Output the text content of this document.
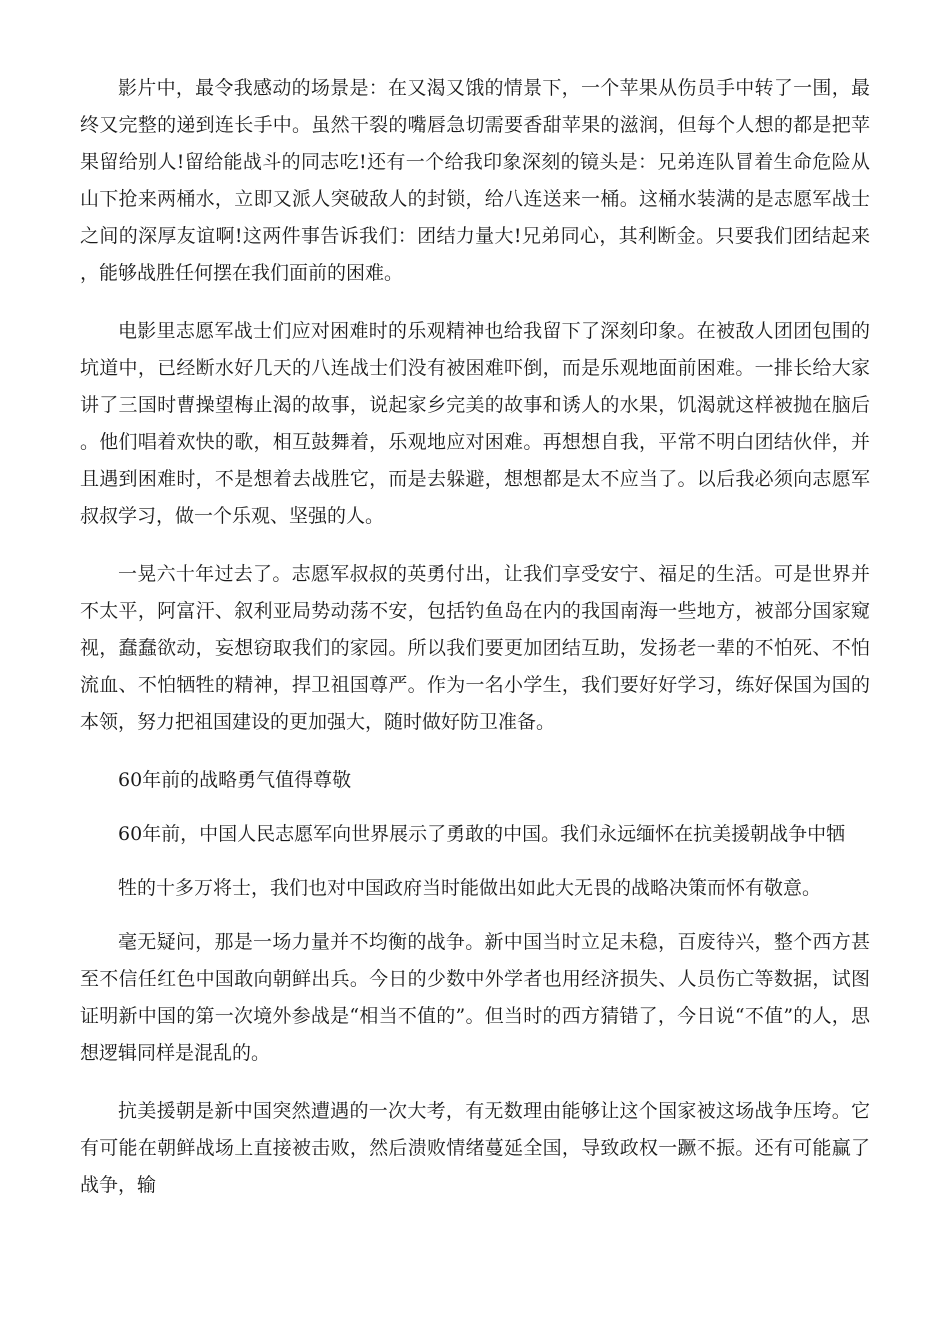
影片中，最令我感动的场景是：在又渴又饿的情景下，一个苹果从伤员手中转了一围，最终又完整的递到连长手中。虽然干裂的嘴唇急切需要香甜苹果的滋润，但每个人想的都是把苹果留给别人!留给能战斗的同志吃!还有一个给我印象深刻的镜头是：兄弟连队冒着生命危险从山下抢来两桶水，立即又派人突破敌人的封锁，给八连送来一桶。这桶水装满的是志愿军战士之间的深厚友谊啊!这两件事告诉我们：团结力量大!兄弟同心，其利断金。只要我们团结起来，能够战胜任何摆在我们面前的困难。

电影里志愿军战士们应对困难时的乐观精神也给我留下了深刻印象。在被敌人团团包围的坑道中，已经断水好几天的八连战士们没有被困难吓倒，而是乐观地面前困难。一排长给大家讲了三国时曹操望梅止渴的故事，说起家乡完美的故事和诱人的水果，饥渴就这样被抛在脑后。他们唱着欢快的歌，相互鼓舞着，乐观地应对困难。再想想自我，平常不明白团结伙伴，并且遇到困难时，不是想着去战胜它，而是去躲避，想想都是太不应当了。以后我必须向志愿军叔叔学习，做一个乐观、坚强的人。

一晃六十年过去了。志愿军叔叔的英勇付出，让我们享受安宁、福足的生活。可是世界并不太平，阿富汗、叙利亚局势动荡不安，包括钓鱼岛在内的我国南海一些地方，被部分国家窥视，蠢蠢欲动，妄想窃取我们的家园。所以我们要更加团结互助，发扬老一辈的不怕死、不怕流血、不怕牺牲的精神，捍卫祖国尊严。作为一名小学生，我们要好好学习，练好保国为国的本领，努力把祖国建设的更加强大，随时做好防卫准备。

60年前的战略勇气值得尊敬

60年前，中国人民志愿军向世界展示了勇敢的中国。我们永远缅怀在抗美援朝战争中牺

牲的十多万将士，我们也对中国政府当时能做出如此大无畏的战略决策而怀有敬意。

毫无疑问，那是一场力量并不均衡的战争。新中国当时立足未稳，百废待兴，整个西方甚至不信任红色中国敢向朝鲜出兵。今日的少数中外学者也用经济损失、人员伤亡等数据，试图证明新中国的第一次境外参战是“相当不值的”。但当时的西方猜错了，今日说“不值”的人，思想逻辑同样是混乱的。

抗美援朝是新中国突然遭遇的一次大考，有无数理由能够让这个国家被这场战争压垮。它有可能在朝鲜战场上直接被击败，然后溃败情绪蔓延全国，导致政权一蹶不振。还有可能赢了战争，输
